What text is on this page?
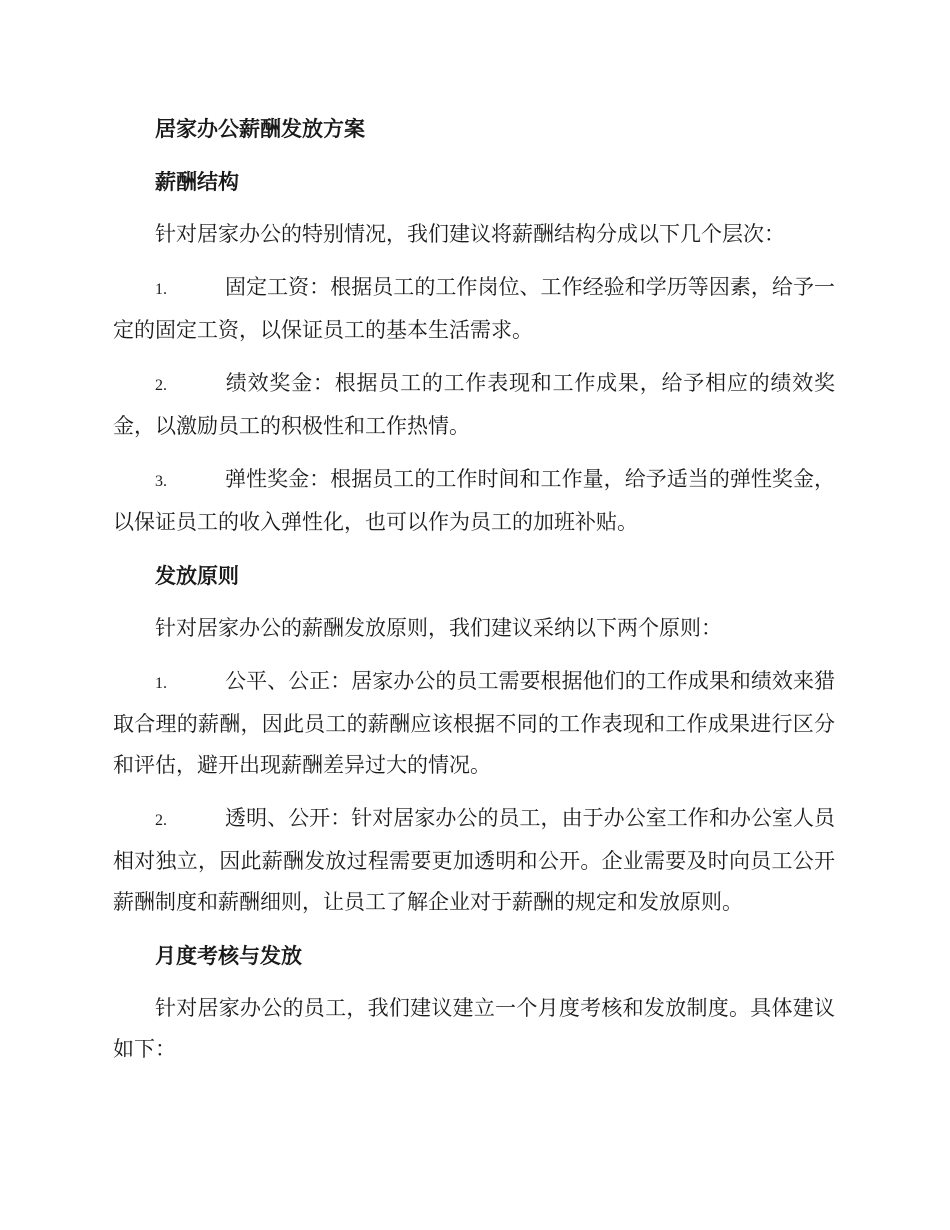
居家办公薪酬发放方案
薪酬结构

针对居家办公的特别情况，我们建议将薪酬结构分成以下几个层次：

1.	固定工资：根据员工的工作岗位、工作经验和学历等因素，给予一定的固定工资，以保证员工的基本生活需求。

2.	绩效奖金：根据员工的工作表现和工作成果，给予相应的绩效奖金，以激励员工的积极性和工作热情。

3.	弹性奖金：根据员工的工作时间和工作量，给予适当的弹性奖金，以保证员工的收入弹性化，也可以作为员工的加班补贴。

发放原则

针对居家办公的薪酬发放原则，我们建议采纳以下两个原则：

1.	公平、公正：居家办公的员工需要根据他们的工作成果和绩效来猎取合理的薪酬，因此员工的薪酬应该根据不同的工作表现和工作成果进行区分和评估，避开出现薪酬差异过大的情况。

2.	透明、公开：针对居家办公的员工，由于办公室工作和办公室人员相对独立，因此薪酬发放过程需要更加透明和公开。企业需要及时向员工公开薪酬制度和薪酬细则，让员工了解企业对于薪酬的规定和发放原则。

月度考核与发放

针对居家办公的员工，我们建议建立一个月度考核和发放制度。具体建议如下：
